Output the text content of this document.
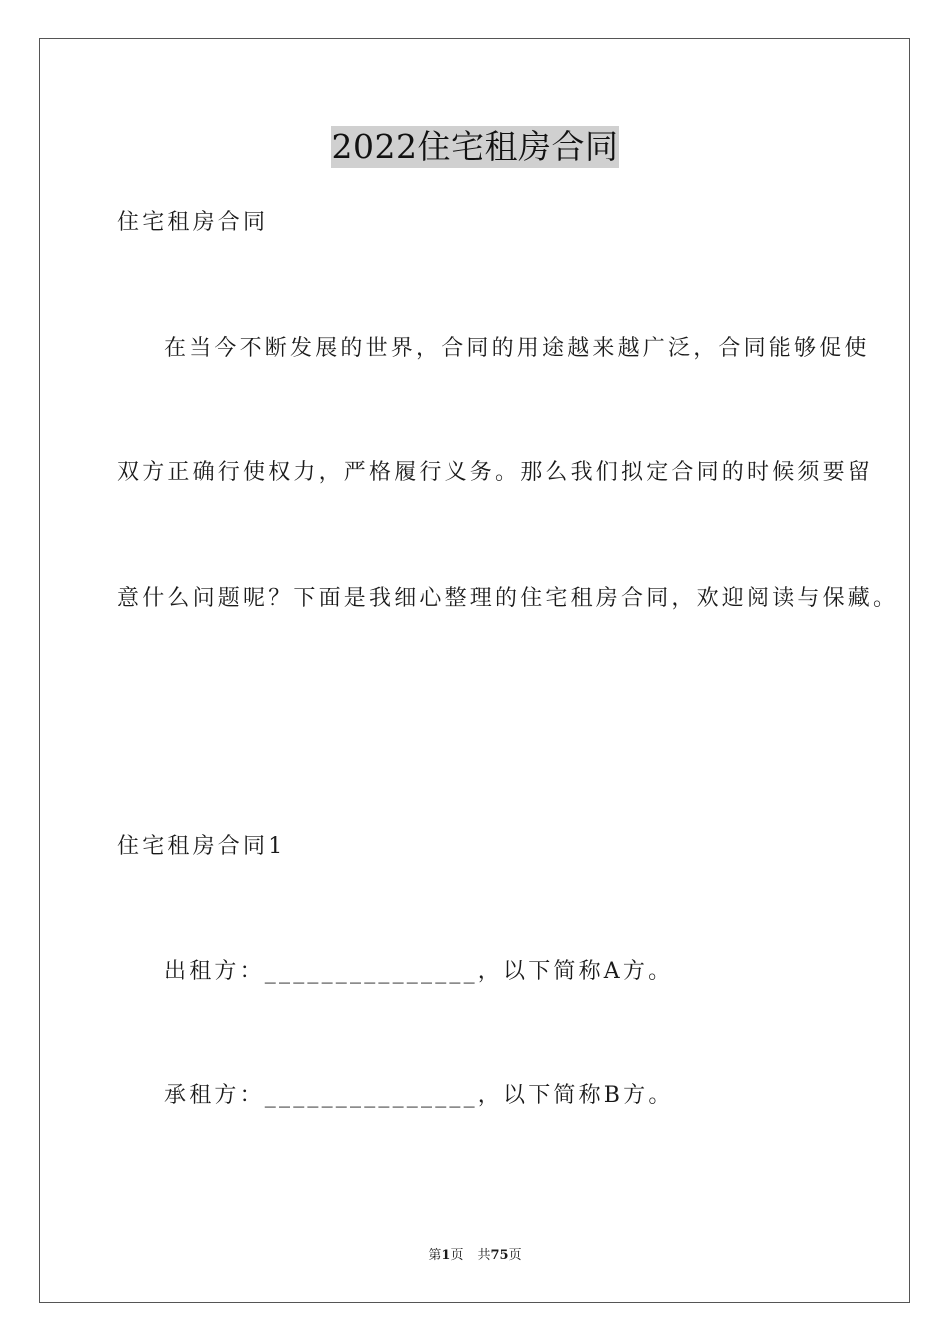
2022住宅租房合同
住宅租房合同
在当今不断发展的世界，合同的用途越来越广泛，合同能够促使
双方正确行使权力，严格履行义务。那么我们拟定合同的时候须要留
意什么问题呢？下面是我细心整理的住宅租房合同，欢迎阅读与保藏。
住宅租房合同1
出租方：_______________，以下简称A方。
承租方：_______________，以下简称B方。
第1页 共75页
